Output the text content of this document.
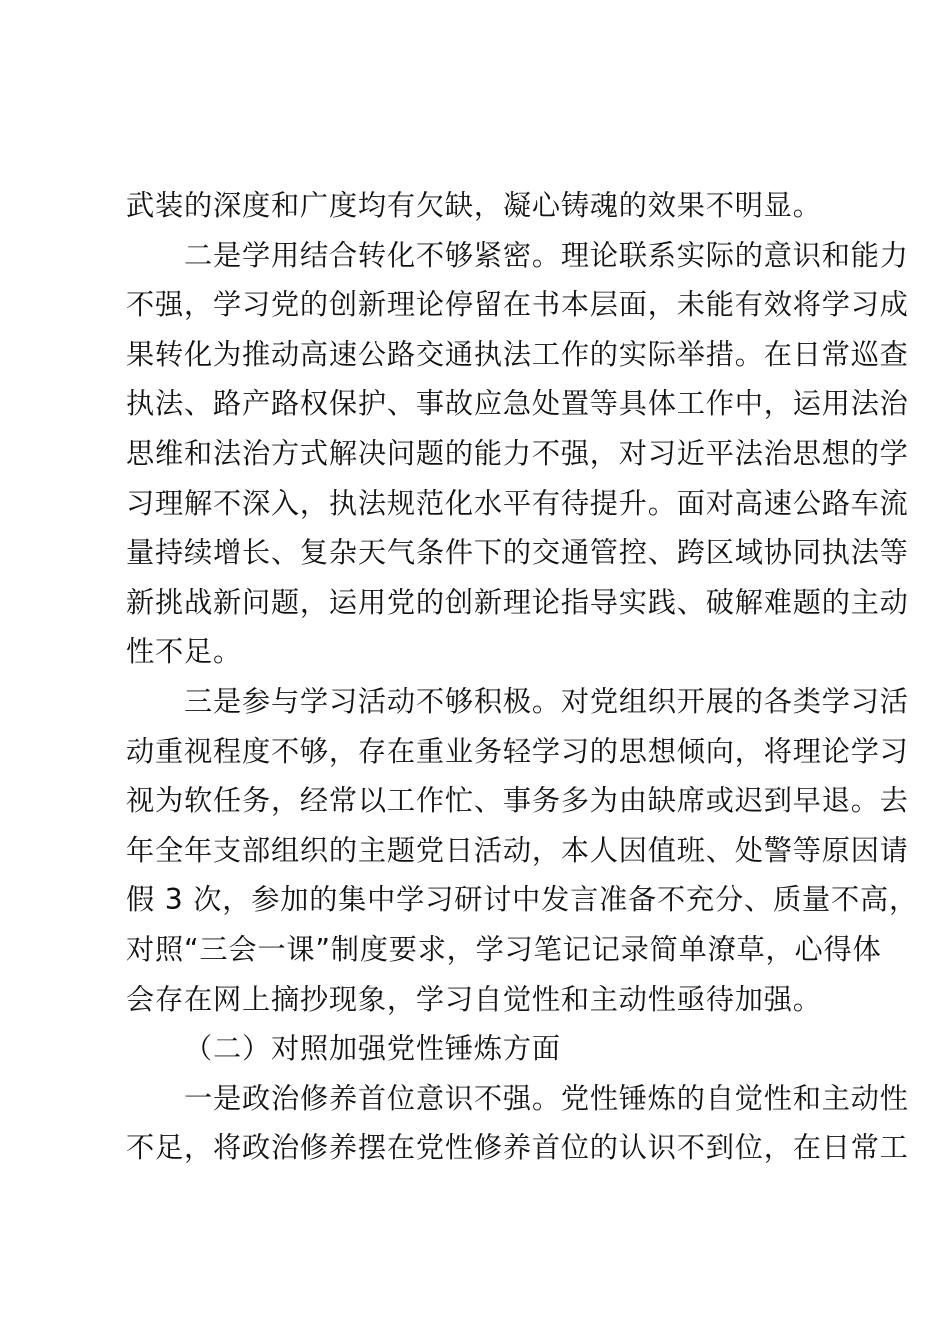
武装的深度和广度均有欠缺，凝心铸魂的效果不明显。
二是学用结合转化不够紧密。理论联系实际的意识和能力
不强，学习党的创新理论停留在书本层面，未能有效将学习成
果转化为推动高速公路交通执法工作的实际举措。在日常巡查
执法、路产路权保护、事故应急处置等具体工作中，运用法治
思维和法治方式解决问题的能力不强，对习近平法治思想的学
习理解不深入，执法规范化水平有待提升。面对高速公路车流
量持续增长、复杂天气条件下的交通管控、跨区域协同执法等
新挑战新问题，运用党的创新理论指导实践、破解难题的主动
性不足。
三是参与学习活动不够积极。对党组织开展的各类学习活
动重视程度不够，存在重业务轻学习的思想倾向，将理论学习
视为软任务，经常以工作忙、事务多为由缺席或迟到早退。去
年全年支部组织的主题党日活动，本人因值班、处警等原因请
假 3 次，参加的集中学习研讨中发言准备不充分、质量不高，
对照“三会一课”制度要求，学习笔记记录简单潦草，心得体
会存在网上摘抄现象，学习自觉性和主动性亟待加强。
（二）对照加强党性锤炼方面
一是政治修养首位意识不强。党性锤炼的自觉性和主动性
不足，将政治修养摆在党性修养首位的认识不到位，在日常工
